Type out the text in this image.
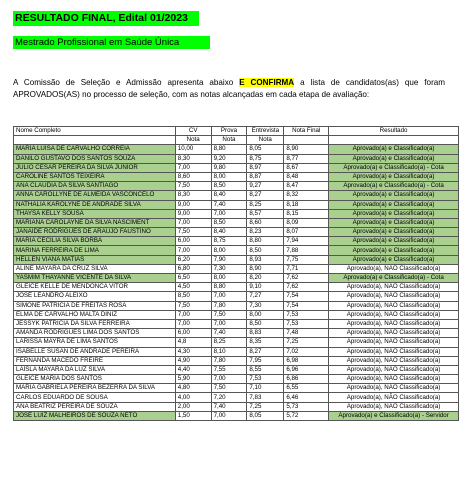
RESULTADO FINAL, Edital 01/2023
Mestrado Profissional em Saúde Única
A Comissão de Seleção e Admissão apresenta abaixo E CONFIRMA a lista de candidatos(as) que foram APROVADOS(AS) no processo de seleção, com as notas alcançadas em cada etapa de avaliação:
Nome Completo	CV	Prova	Entrevista	Nota Final	Resultado
	Nota	Nota	Nota		
MARIA LUISA DE CARVALHO CORREIA	10,00	8,80	8,05	8,90	Aprovado(a) e Classificado(a)
DANILO GUSTAVO DOS SANTOS SOUZA	8,30	9,20	8,75	8,77	Aprovado(a) e Classificado(a)
JULIO CESAR PEREIRA DA SILVA JUNIOR	7,00	9,80	8,97	8,67	Aprovado(a) e Classificado(a) - Cota
CAROLINE SANTOS TEIXEIRA	8,60	8,00	8,87	8,48	Aprovado(a) e Classificado(a)
ANA CLAUDIA DA SILVA SANTIAGO	7,50	8,50	9,27	8,47	Aprovado(a) e Classificado(a) - Cota
ANNA CAROLLYNE DE ALMEIDA VASCONCELO	8,30	8,40	8,27	8,32	Aprovado(a) e Classificado(a)
NATHALIA KAROLYNE DE ANDRADE SILVA	9,00	7,40	8,25	8,18	Aprovado(a) e Classificado(a)
THAYSA KELLY SOUSA	9,00	7,00	8,57	8,15	Aprovado(a) e Classificado(a)
MARIANA CAROLAYNE DA SILVA NASCIMENT	7,00	8,50	8,60	8,09	Aprovado(a) e Classificado(a)
JANAIDE RODRIGUES DE ARAUJO FAUSTINO	7,50	8,40	8,23	8,07	Aprovado(a) e Classificado(a)
MARIA CECILIA SILVA BORBA	6,00	8,75	8,80	7,94	Aprovado(a) e Classificado(a)
MARINA FERREIRA DE LIMA	7,00	8,00	8,50	7,88	Aprovado(a) e Classificado(a)
HELLEN VIANA MATIAS	6,20	7,90	8,93	7,75	Aprovado(a) e Classificado(a)
ALINE MAYARA DA CRUZ SILVA	6,80	7,30	8,90	7,71	Aprovado(a), NÃO Classificado(a)
YASMIM THAYANNE VICENTE DA SILVA	6,50	8,00	8,20	7,62	Aprovado(a) e Classificado(a) - Cota
GLEICE KELLE DE MENDONCA VITOR	4,50	8,80	9,10	7,62	Aprovado(a), NÃO Classificado(a)
JOSÉ LEANDRO ALEIXO	8,50	7,00	7,27	7,54	Aprovado(a), NÃO Classificado(a)
SIMONE PATRICIA DE FREITAS ROSA	7,50	7,80	7,30	7,54	Aprovado(a), NÃO Classificado(a)
ELMA DE CARVALHO MALTA DINIZ	7,00	7,50	8,00	7,53	Aprovado(a), NÃO Classificado(a)
JESSYK PATRICIA DA SILVA FERREIRA	7,00	7,00	8,50	7,53	Aprovado(a), NÃO Classificado(a)
AMANDA RODRIGUES LIMA DOS SANTOS	6,00	7,40	8,83	7,48	Aprovado(a), NÃO Classificado(a)
LARISSA MAYRA DE LIMA SANTOS	4,8	8,25	8,35	7,25	Aprovado(a), NÃO Classificado(a)
ISABELLE SUSAN DE ANDRADE PEREIRA	4,30	8,10	8,27	7,02	Aprovado(a), NÃO Classificado(a)
FERNANDA MACEDO FREIRE	4,90	7,80	7,95	6,98	Aprovado(a), NÃO Classificado(a)
LAÍSLA MAYARA DA LUZ SILVA	4,40	7,55	8,55	6,96	Aprovado(a), NÃO Classificado(a)
GLEICE MARIA DOS SANTOS	5,90	7,00	7,53	6,86	Aprovado(a), NÃO Classificado(a)
MARIA GABRIELA PEREIRA BEZERRA DA SILVA	4,80	7,50	7,10	6,55	Aprovado(a), NÃO Classificado(a)
CARLOS EDUARDO DE SOUSA	4,00	7,20	7,83	6,46	Aprovado(a), NÃO Classificado(a)
ANA BEATRIZ PEREIRA DE SOUZA	2,00	7,40	7,25	5,73	Aprovado(a), NÃO Classificado(a)
JOSÉ LUIZ MALHEIROS DE SOUZA NETO	1,50	7,00	8,05	5,72	Aprovado(a) e Classificado(a) - Servidor
